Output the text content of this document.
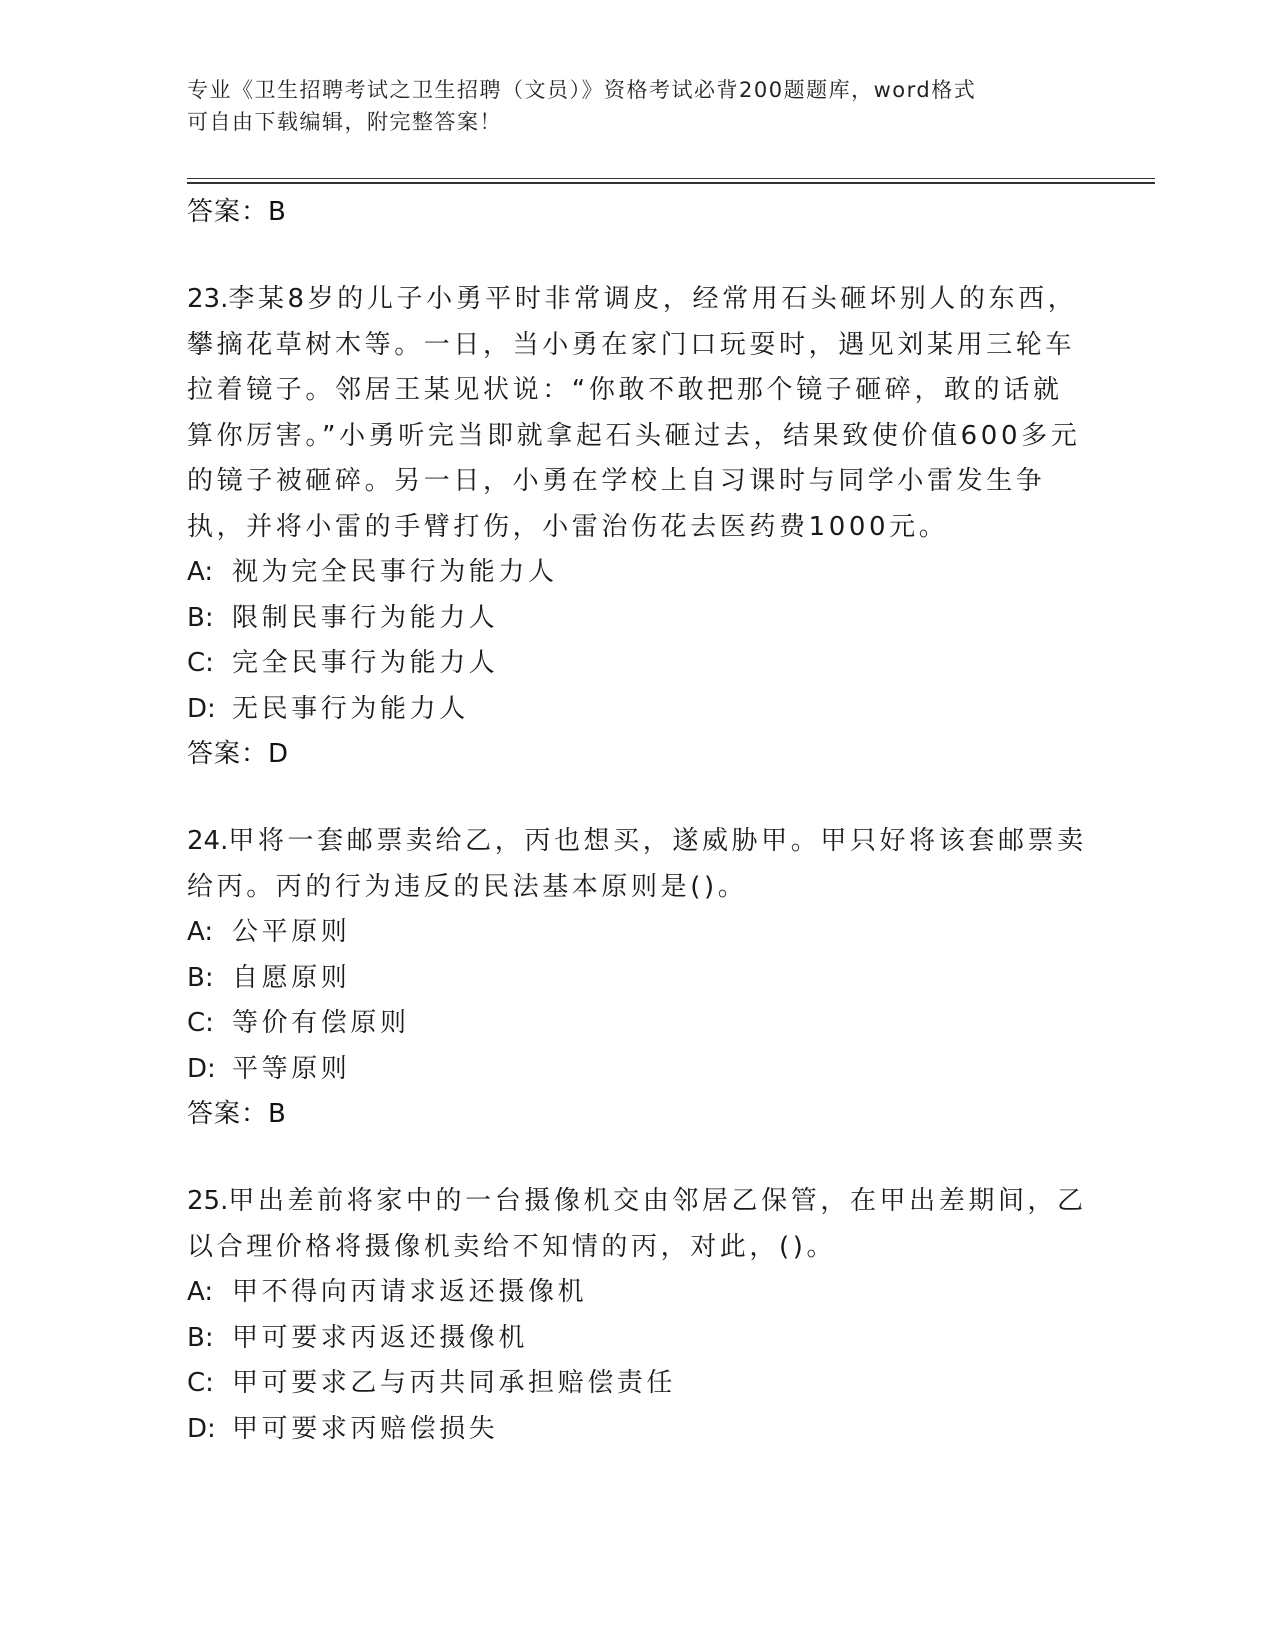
专业《卫生招聘考试之卫生招聘（文员）》资格考试必背200题题库，word格式
可自由下载编辑，附完整答案！
答案：B
23.李某8岁的儿子小勇平时非常调皮，经常用石头砸坏别人的东西，攀摘花草树木等。一日，当小勇在家门口玩耍时，遇见刘某用三轮车拉着镜子。邻居王某见状说：“你敢不敢把那个镜子砸碎，敢的话就算你厉害。”小勇听完当即就拿起石头砸过去，结果致使价值600多元的镜子被砸碎。另一日，小勇在学校上自习课时与同学小雷发生争执，并将小雷的手臂打伤，小雷治伤花去医药费1000元。
A: 视为完全民事行为能力人
B: 限制民事行为能力人
C: 完全民事行为能力人
D: 无民事行为能力人
答案：D
24.甲将一套邮票卖给乙，丙也想买，遂威胁甲。甲只好将该套邮票卖给丙。丙的行为违反的民法基本原则是()。
A: 公平原则
B: 自愿原则
C: 等价有偿原则
D: 平等原则
答案：B
25.甲出差前将家中的一台摄像机交由邻居乙保管，在甲出差期间，乙以合理价格将摄像机卖给不知情的丙，对此，()。
A: 甲不得向丙请求返还摄像机
B: 甲可要求丙返还摄像机
C: 甲可要求乙与丙共同承担赔偿责任
D: 甲可要求丙赔偿损失
